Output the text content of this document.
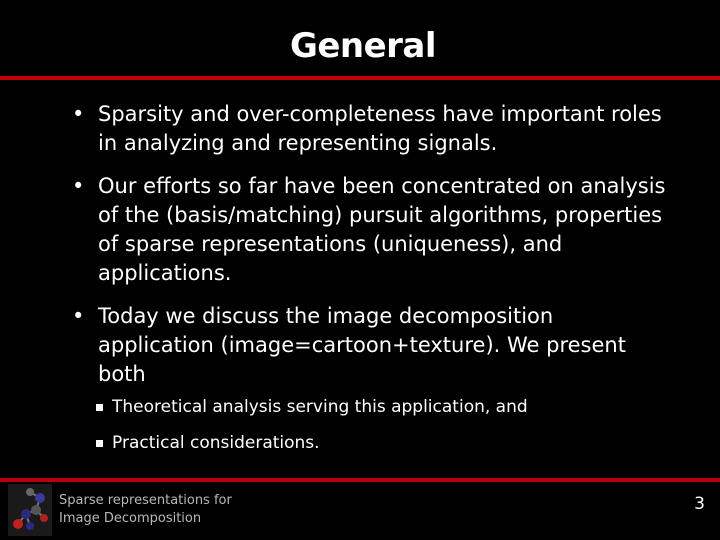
General
• Sparsity and over-completeness have important roles in analyzing and representing signals.
• Our efforts so far have been concentrated on analysis of the (basis/matching) pursuit algorithms, properties of sparse representations (uniqueness), and applications.
• Today we discuss the image decomposition application (image=cartoon+texture). We present both
Theoretical analysis serving this application, and
Practical considerations.
Sparse representations for
Image Decomposition
3
